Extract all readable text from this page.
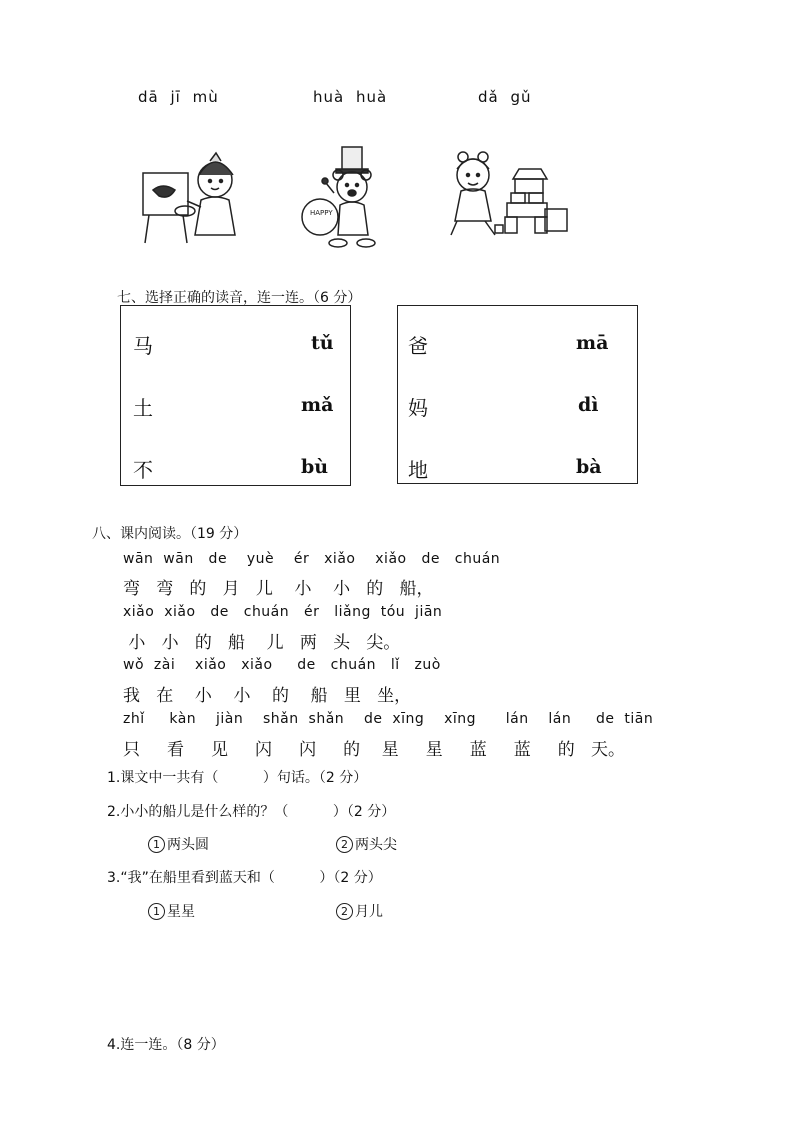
dā jī mù	huà huà	dǎ gǔ
HAPPY
七、选择正确的读音，连一连。（6 分）
马	tǔ
土	mǎ
不	bù
爸	mā
妈	dì
地	bà
八、课内阅读。（19 分）
wān  wān   de    yuè    ér   xiǎo    xiǎo   de   chuán
弯   弯   的   月   儿    小    小   的   船，
xiǎo  xiǎo   de   chuán   ér   liǎng  tóu  jiān
小   小   的   船    儿   两   头   尖。
wǒ  zài    xiǎo   xiǎo     de   chuán   lǐ   zuò
我   在    小    小    的    船   里   坐，
zhǐ     kàn    jiàn    shǎn  shǎn    de  xīng    xīng      lán    lán     de  tiān
只     看     见     闪     闪     的    星     星     蓝     蓝     的   天。
1.课文中一共有（          ）句话。（2 分）
2.小小的船儿是什么样的？（          ）（2 分）
1 两头圆	2 两头尖
3.“我”在船里看到蓝天和（          ）（2 分）
1 星星	2 月儿
4.连一连。（8 分）
